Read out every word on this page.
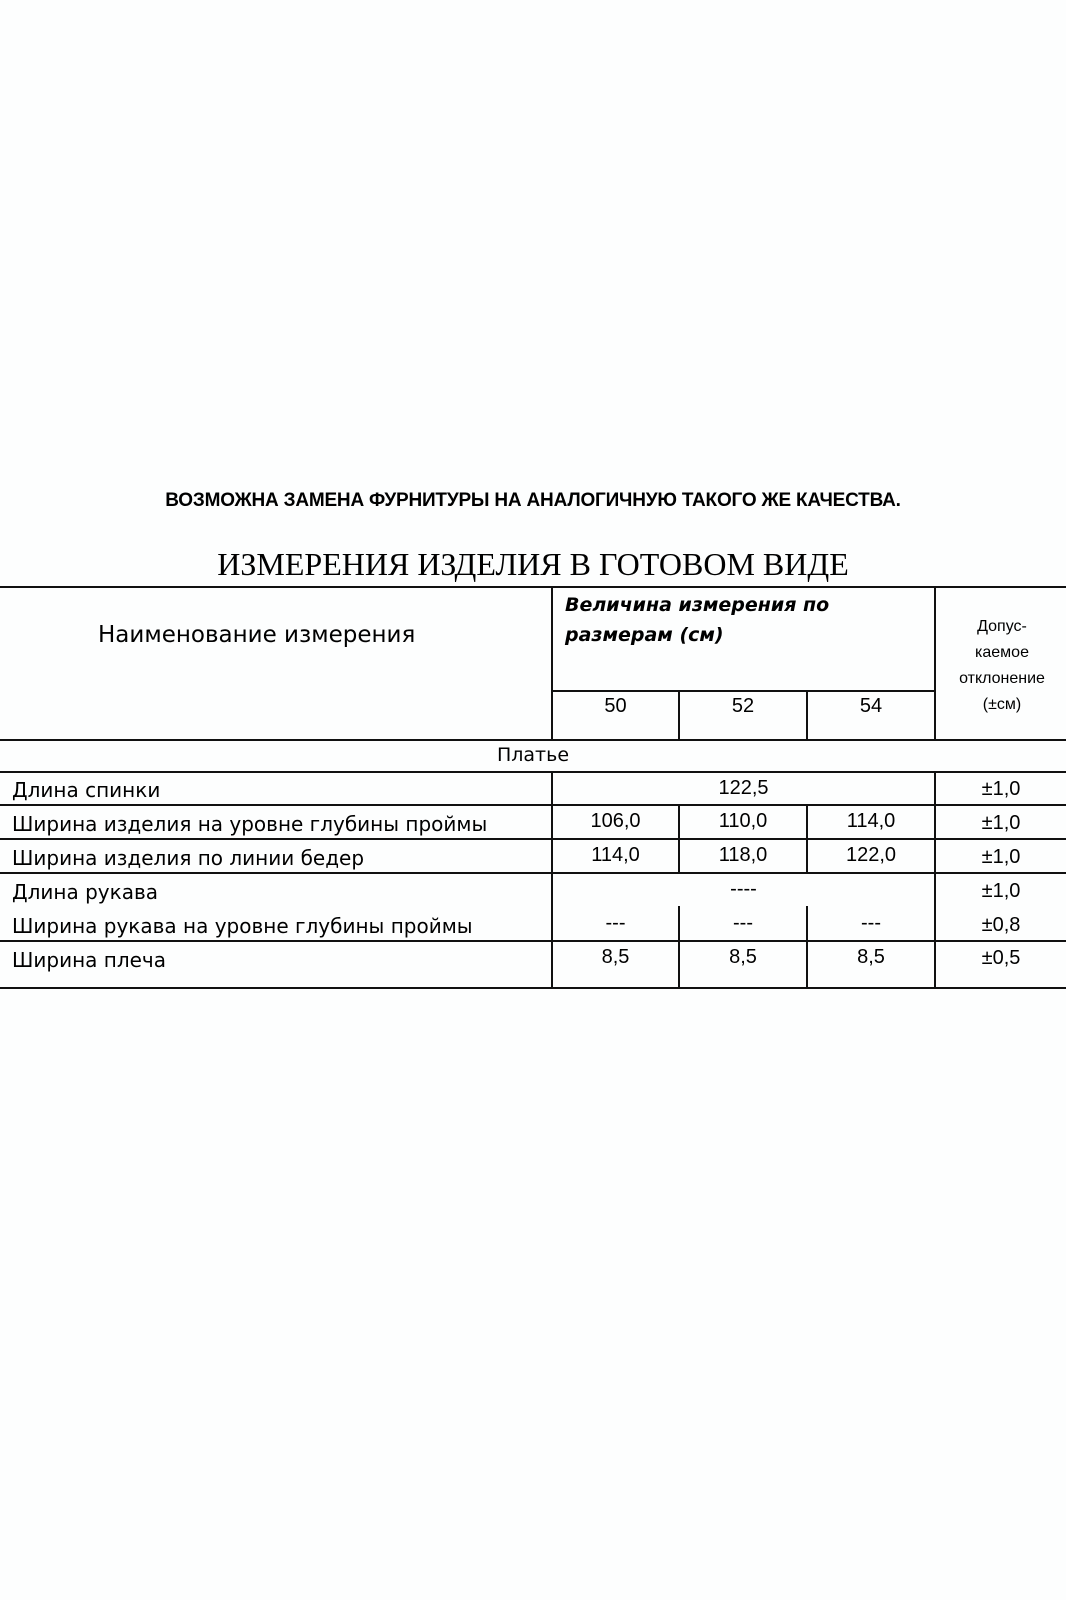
ВОЗМОЖНА ЗАМЕНА ФУРНИТУРЫ НА АНАЛОГИЧНУЮ ТАКОГО ЖЕ КАЧЕСТВА.
ИЗМЕРЕНИЯ ИЗДЕЛИЯ В ГОТОВОМ ВИДЕ
Наименование измерения
Величина измерения по
размерам (см)	Допус-
каемое
отклонение
(±см)
50	52	54
Платье
Длина спинки	122,5	±1,0
Ширина изделия на уровне глубины проймы	106,0	110,0	114,0	±1,0
Ширина изделия по линии бедер	114,0	118,0	122,0	±1,0
Длина рукава	----	±1,0
Ширина рукава на уровне глубины проймы	---	---	---	±0,8
Ширина плеча	8,5	8,5	8,5	±0,5
